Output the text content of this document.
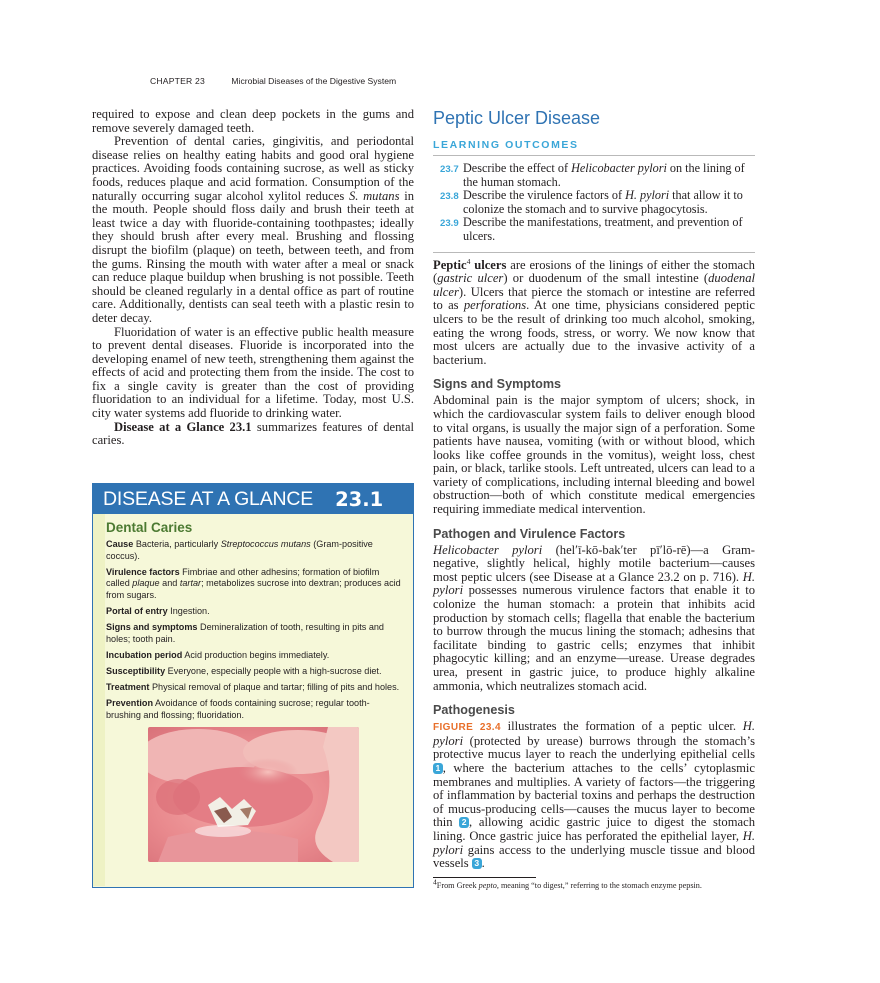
CHAPTER 23	Microbial Diseases of the Digestive System

required to expose and clean deep pockets in the gums and remove severely damaged teeth.

Prevention of dental caries, gingivitis, and periodontal disease relies on healthy eating habits and good oral hygiene practices. Avoiding foods containing sucrose, as well as sticky foods, reduces plaque and acid formation. Consumption of the naturally occurring sugar alcohol xylitol reduces S. mutans in the mouth. People should floss daily and brush their teeth at least twice a day with fluoride-containing toothpastes; ideally they should brush after every meal. Brushing and flossing disrupt the biofilm (plaque) on teeth, between teeth, and from the gums. Rinsing the mouth with water after a meal or snack can reduce plaque buildup when brushing is not possible. Teeth should be cleaned regularly in a dental office as part of routine care. Additionally, dentists can seal teeth with a plastic resin to deter decay.

Fluoridation of water is an effective public health measure to prevent dental diseases. Fluoride is incorporated into the developing enamel of new teeth, strengthening them against the effects of acid and protecting them from the inside. The cost to fix a single cavity is greater than the cost of providing fluoridation to an individual for a lifetime. Today, most U.S. city water systems add fluoride to drinking water.

Disease at a Glance 23.1 summarizes features of dental caries.

DISEASE AT A GLANCE 23.1
Dental Caries
Cause Bacteria, particularly Streptococcus mutans (Gram-positive coccus).
Virulence factors Fimbriae and other adhesins; formation of biofilm called plaque and tartar; metabolizes sucrose into dextran; produces acid from sugars.
Portal of entry Ingestion.
Signs and symptoms Demineralization of tooth, resulting in pits and holes; tooth pain.
Incubation period Acid production begins immediately.
Susceptibility Everyone, especially people with a high-sucrose diet.
Treatment Physical removal of plaque and tartar; filling of pits and holes.
Prevention Avoidance of foods containing sucrose; regular tooth-brushing and flossing; fluoridation.
Peptic Ulcer Disease
LEARNING OUTCOMES
23.7 Describe the effect of Helicobacter pylori on the lining of the human stomach.
23.8 Describe the virulence factors of H. pylori that allow it to colonize the stomach and to survive phagocytosis.
23.9 Describe the manifestations, treatment, and prevention of ulcers.

Peptic$^4$ ulcers are erosions of the linings of either the stomach (gastric ulcer) or duodenum of the small intestine (duodenal ulcer). Ulcers that pierce the stomach or intestine are referred to as perforations. At one time, physicians considered peptic ulcers to be the result of drinking too much alcohol, smoking, eating the wrong foods, stress, or worry. We now know that most ulcers are actually due to the invasive activity of a bacterium.

Signs and Symptoms

Abdominal pain is the major symptom of ulcers; shock, in which the cardiovascular system fails to deliver enough blood to vital organs, is usually the major sign of a perforation. Some patients have nausea, vomiting (with or without blood, which looks like coffee grounds in the vomitus), weight loss, chest pain, or black, tarlike stools. Left untreated, ulcers can lead to a variety of complications, including internal bleeding and bowel obstruction—both of which constitute medical emergencies requiring immediate medical intervention.

Pathogen and Virulence Factors

Helicobacter pylori (hel′ī-kō-bak′ter pī′lō-rē)—a Gram-negative, slightly helical, highly motile bacterium—causes most peptic ulcers (see Disease at a Glance 23.2 on p. 716). H. pylori possesses numerous virulence factors that enable it to colonize the human stomach: a protein that inhibits acid production by stomach cells; flagella that enable the bacterium to burrow through the mucus lining the stomach; adhesins that facilitate binding to gastric cells; enzymes that inhibit phagocytic killing; and an enzyme—urease. Urease degrades urea, present in gastric juice, to produce highly alkaline ammonia, which neutralizes stomach acid.

Pathogenesis

FIGURE 23.4 illustrates the formation of a peptic ulcer. H. pylori (protected by urease) burrows through the stomach’s protective mucus layer to reach the underlying epithelial cells 1 , where the bacterium attaches to the cells’ cytoplasmic membranes and multiplies. A variety of factors—the triggering of inflammation by bacterial toxins and perhaps the destruction of mucus-producing cells—causes the mucus layer to become thin 2 , allowing acidic gastric juice to digest the stomach lining. Once gastric juice has perforated the epithelial layer, H. pylori gains access to the underlying muscle tissue and blood vessels 3 .

$^4$From Greek pepto, meaning “to digest,” referring to the stomach enzyme pepsin.
